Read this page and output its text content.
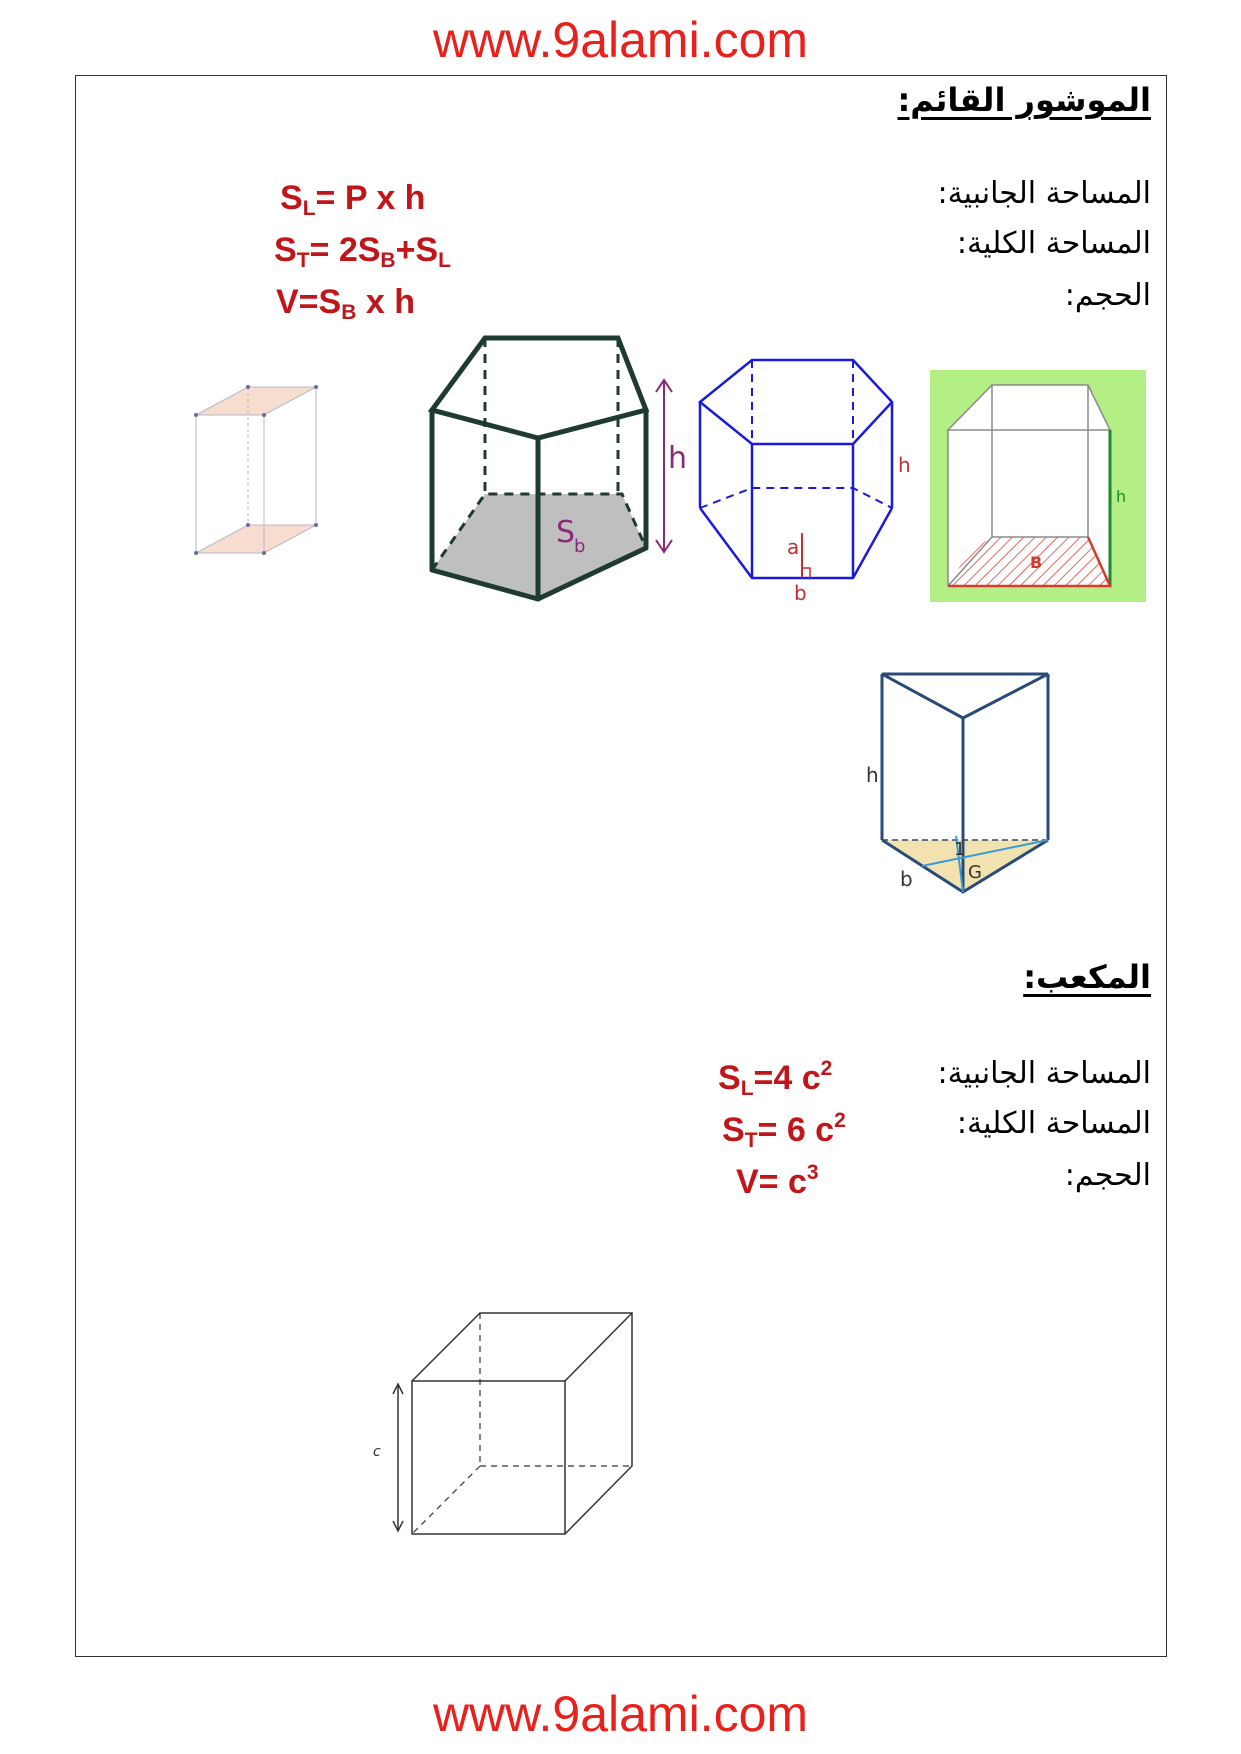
www.9alami.com
www.9alami.com
الموشور القائم:
المساحة الجانبية:
المساحة الكلية:
الحجم:
$S_L= P$ x h
$S_T= 2S_B+S_L$
$V=S_B$ x h
h
S
b
h
a
b
h
B
h
b	G
1
المكعب:
المساحة الجانبية:
المساحة الكلية:
الحجم:
$S_L=4$ $c^2$
$S_T= 6$ $c^2$
$V= c^3$
c
